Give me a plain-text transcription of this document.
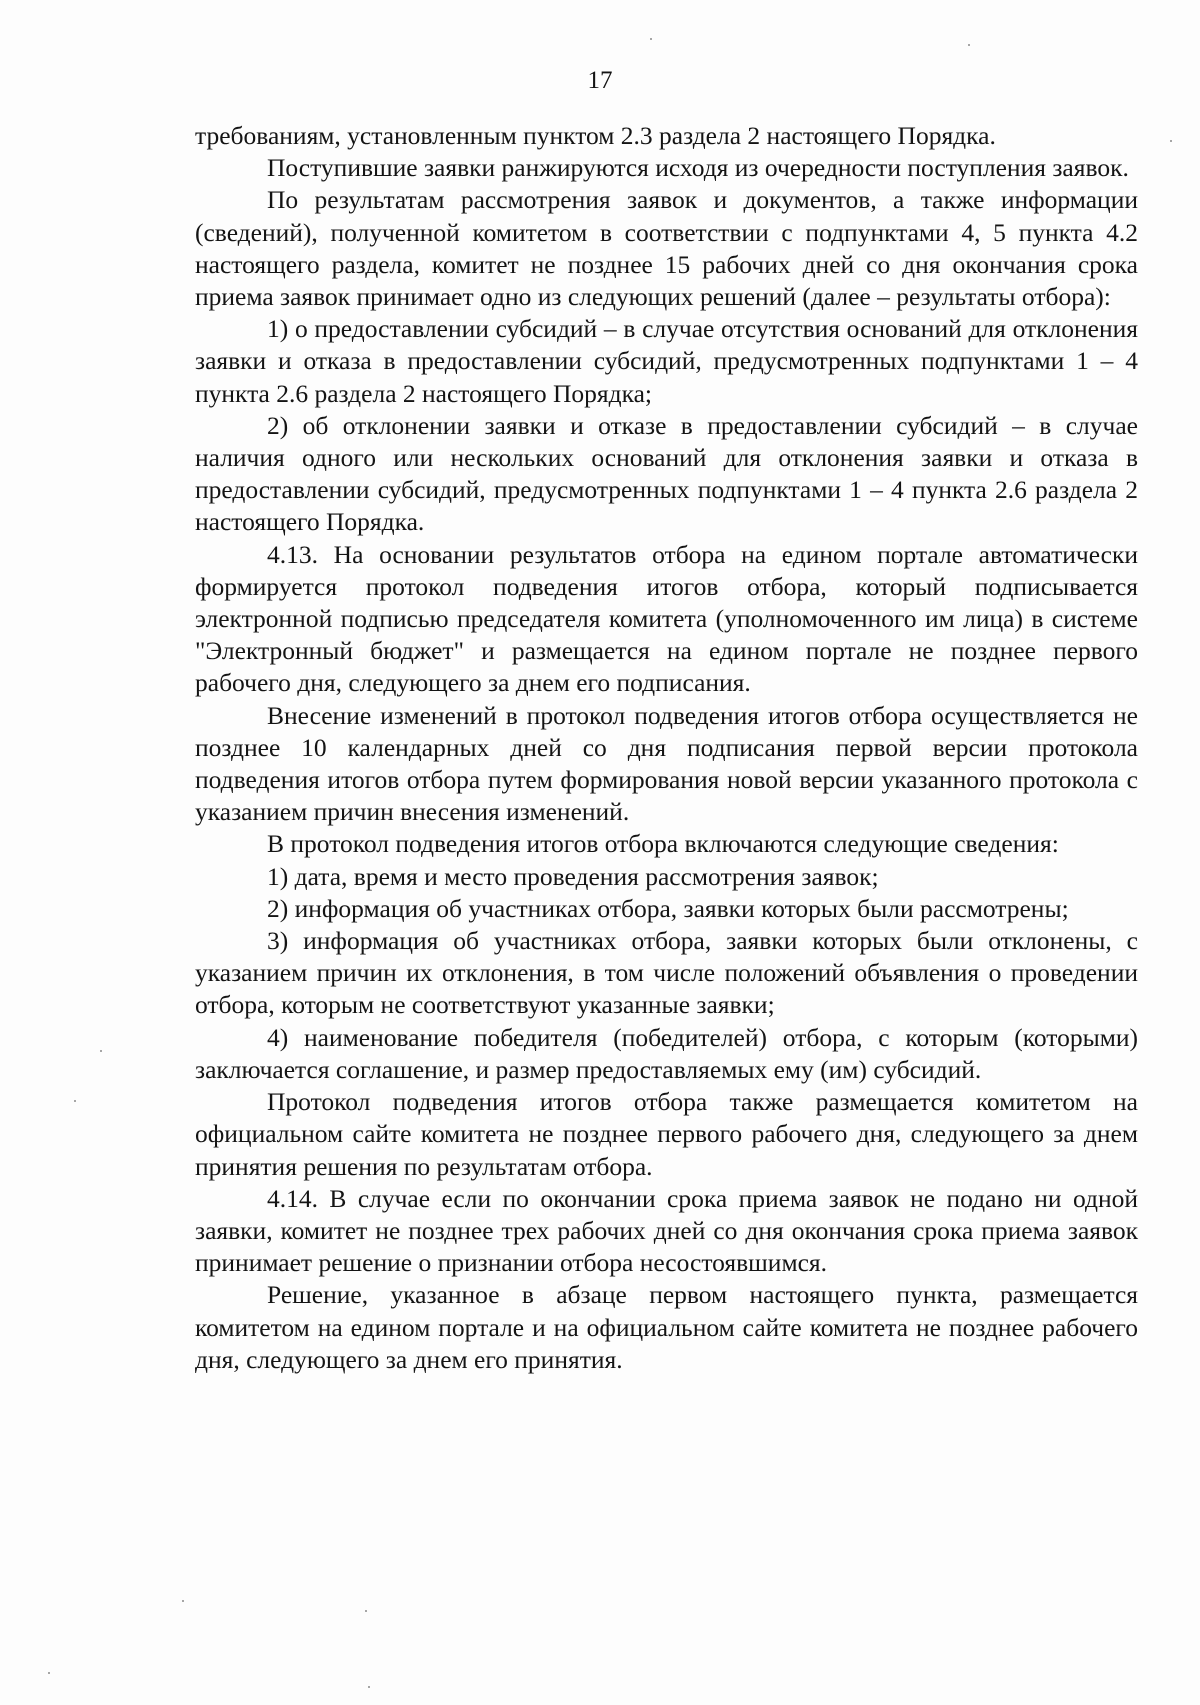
17

требованиям, установленным пунктом 2.3 раздела 2 настоящего Порядка.

Поступившие заявки ранжируются исходя из очередности поступления заявок.

По результатам рассмотрения заявок и документов, а также информации (сведений), полученной комитетом в соответствии с подпунктами 4, 5 пункта 4.2 настоящего раздела, комитет не позднее 15 рабочих дней со дня окончания срока приема заявок принимает одно из следующих решений (далее – результаты отбора):

1) о предоставлении субсидий – в случае отсутствия оснований для отклонения заявки и отказа в предоставлении субсидий, предусмотренных подпунктами 1 – 4 пункта 2.6 раздела 2 настоящего Порядка;

2) об отклонении заявки и отказе в предоставлении субсидий – в случае наличия одного или нескольких оснований для отклонения заявки и отказа в предоставлении субсидий, предусмотренных подпунктами 1 – 4 пункта 2.6 раздела 2 настоящего Порядка.

4.13. На основании результатов отбора на едином портале автоматически формируется протокол подведения итогов отбора, который подписывается электронной подписью председателя комитета (уполномоченного им лица) в системе "Электронный бюджет" и размещается на едином портале не позднее первого рабочего дня, следующего за днем его подписания.

Внесение изменений в протокол подведения итогов отбора осуществляется не позднее 10 календарных дней со дня подписания первой версии протокола подведения итогов отбора путем формирования новой версии указанного протокола с указанием причин внесения изменений.

В протокол подведения итогов отбора включаются следующие сведения:

1) дата, время и место проведения рассмотрения заявок;

2) информация об участниках отбора, заявки которых были рассмотрены;

3) информация об участниках отбора, заявки которых были отклонены, с указанием причин их отклонения, в том числе положений объявления о проведении отбора, которым не соответствуют указанные заявки;

4) наименование победителя (победителей) отбора, с которым (которыми) заключается соглашение, и размер предоставляемых ему (им) субсидий.

Протокол подведения итогов отбора также размещается комитетом на официальном сайте комитета не позднее первого рабочего дня, следующего за днем принятия решения по результатам отбора.

4.14. В случае если по окончании срока приема заявок не подано ни одной заявки, комитет не позднее трех рабочих дней со дня окончания срока приема заявок принимает решение о признании отбора несостоявшимся.

Решение, указанное в абзаце первом настоящего пункта, размещается комитетом на едином портале и на официальном сайте комитета не позднее рабочего дня, следующего за днем его принятия.
